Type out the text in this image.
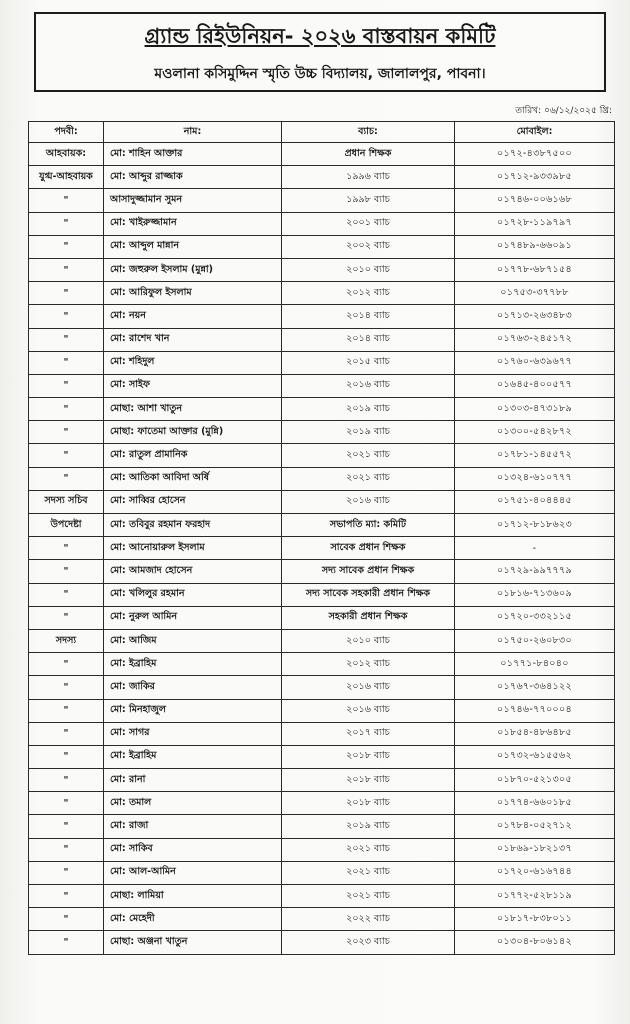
গ্র্যান্ড রিইউনিয়ন- ২০২৬ বাস্তবায়ন কমিটি
মওলানা কসিমুদ্দিন স্মৃতি উচ্চ বিদ্যালয়, জালালপুর, পাবনা।
তারিখ: ০৬/১২/২০২৫ খ্রি:
পদবী:	নাম:	ব্যাচ:	মোবাইল:
আহবায়ক:	মো: শাহিন আক্তার	প্রধান শিক্ষক	০১৭২-৪৩৮৭৫০০
যুগ্ম-আহবায়ক	মো: আব্দুর রাজ্জাক	১৯৯৬ ব্যাচ	০১৭১২-৯৩৩৯৮৫
"	আসাদুজ্জামান সুমন	১৯৯৮ ব্যাচ	০১৭৪৬-০০৬১৬৮
"	মো: খাইরুজ্জামান	২০০১ ব্যাচ	০১৭২৮-১১৯৭৯৭
"	মো: আব্দুল মান্নান	২০০২ ব্যাচ	০১৭৪৮৯-৬৬০৯১
"	মো: জহুরুল ইসলাম (মুন্না)	২০১০ ব্যাচ	০১৭৭৮-৬৮৭১৫৪
"	মো: আরিফুল ইসলাম	২০১২ ব্যাচ	০১৭৫৩-৩৭৭৮৮
"	মো: নয়ন	২০১৪ ব্যাচ	০১৭১৩-২৬৩৪৮৩
"	মো: রাশেদ খান	২০১৪ ব্যাচ	০১৭৬৩-২৪৫১৭২
"	মো: শহিদুল	২০১৫ ব্যাচ	০১৭৬০-৬৩৯৬৭৭
"	মো: সাইফ	২০১৬ ব্যাচ	০১৬৪৫-৪০০৫৭৭
"	মোছা: আশা খাতুন	২০১৯ ব্যাচ	০১৩০৩-৪৭৩১৮৯
"	মোছা: ফাতেমা আক্তার (মুন্নি)	২০১৯ ব্যাচ	০১৩০০-৫৪২৮৭২
"	মো: রাতুল প্রামানিক	২০২১ ব্যাচ	০১৭৮১-১৪৫৫৭২
"	মো: আতিকা আবিদা অর্ষি	২০২১ ব্যাচ	০১৩২৪-৬১০৭৭৭
সদস্য সচিব	মো: সাব্বির হোসেন	২০১৬ ব্যাচ	০১৭৫১-৪০৪৪৪৫
উপদেষ্টা	মো: তবিবুর রহমান ফরহাদ	সভাপতি ম্যা: কমিটি	০১৭১২-৮১৮৬২৩
"	মো: আনোয়ারুল ইসলাম	সাবেক প্রধান শিক্ষক	-
"	মো: আমজাদ হোসেন	সদ্য সাবেক প্রধান শিক্ষক	০১৭২৯-৯৯৭৭৭৯
"	মো: খলিলুর রহমান	সদ্য সাবেক সহকারী প্রধান শিক্ষক	০১৮১৬-৭১৩৬০৯
"	মো: নুরুল আমিন	সহকারী প্রধান শিক্ষক	০১৭২০-৩৩২১১৫
সদস্য	মো: আজিম	২০১০ ব্যাচ	০১৭৫০-২৬০৮৩০
"	মো: ইব্রাহিম	২০১২ ব্যাচ	০১৭৭১-৮৪০৪০
"	মো: জাকির	২০১৬ ব্যাচ	০১৭৬৭-৩৬৪১২২
"	মো: মিনহাজুল	২০১৬ ব্যাচ	০১৭৪৬-৭৭০০০৪
"	মো: সাগর	২০১৭ ব্যাচ	০১৮৫৪-৪৮৬৪৮৫
"	মো: ইব্রাহিম	২০১৮ ব্যাচ	০১৭৩২-৬১৫৫৬২
"	মো: রানা	২০১৮ ব্যাচ	০১৮৭০-৫২১৩০৫
"	মো: তমাল	২০১৮ ব্যাচ	০১৭৭৪-৬৬০১৮৫
"	মো: রাজা	২০১৯ ব্যাচ	০১৭৮৪-০৫২৭১২
"	মো: সাকিব	২০২১ ব্যাচ	০১৮৬৯-১৮২১৩৭
"	মো: আল-আমিন	২০২১ ব্যাচ	০১৭২০-৬১৬৭৪৪
"	মোছা: লামিয়া	২০২১ ব্যাচ	০১৭৭২-৫২৮১১৯
"	মো: মেহেদী	২০২২ ব্যাচ	০১৮১৭-৮৩৮০১১
"	মোছা: অঞ্জনা খাতুন	২০২৩ ব্যাচ	০১৩০৪-৮০৬১৪২
